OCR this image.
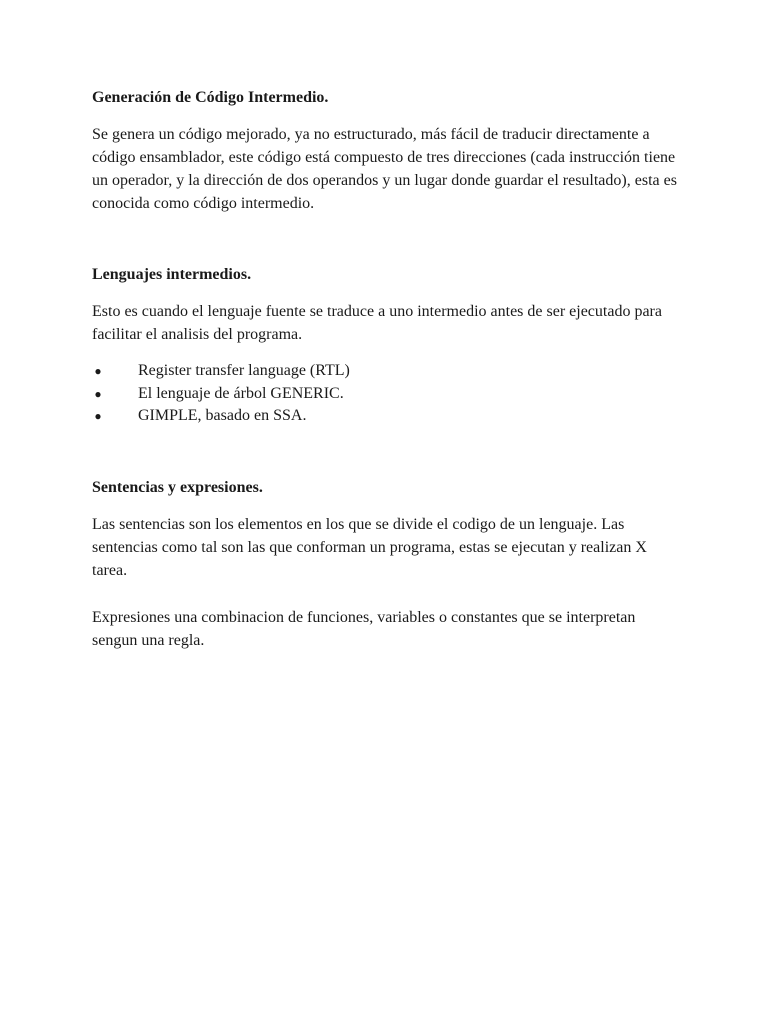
Generación de Código Intermedio.

Se genera un código mejorado, ya no estructurado, más fácil de traducir directamente a código ensamblador, este código está compuesto de tres direcciones (cada instrucción tiene un operador, y la dirección de dos operandos y un lugar donde guardar el resultado), esta es conocida como código intermedio.

Lenguajes intermedios.

Esto es cuando el lenguaje fuente se traduce a uno intermedio antes de ser ejecutado para facilitar el analisis del programa.

● Register transfer language (RTL)
● El lenguaje de árbol GENERIC.
● GIMPLE, basado en SSA.

Sentencias y expresiones.

Las sentencias son los elementos en los que se divide el codigo de un lenguaje. Las sentencias como tal son las que conforman un programa, estas se ejecutan y realizan X tarea.

Expresiones una combinacion de funciones, variables o constantes que se interpretan sengun una regla.
